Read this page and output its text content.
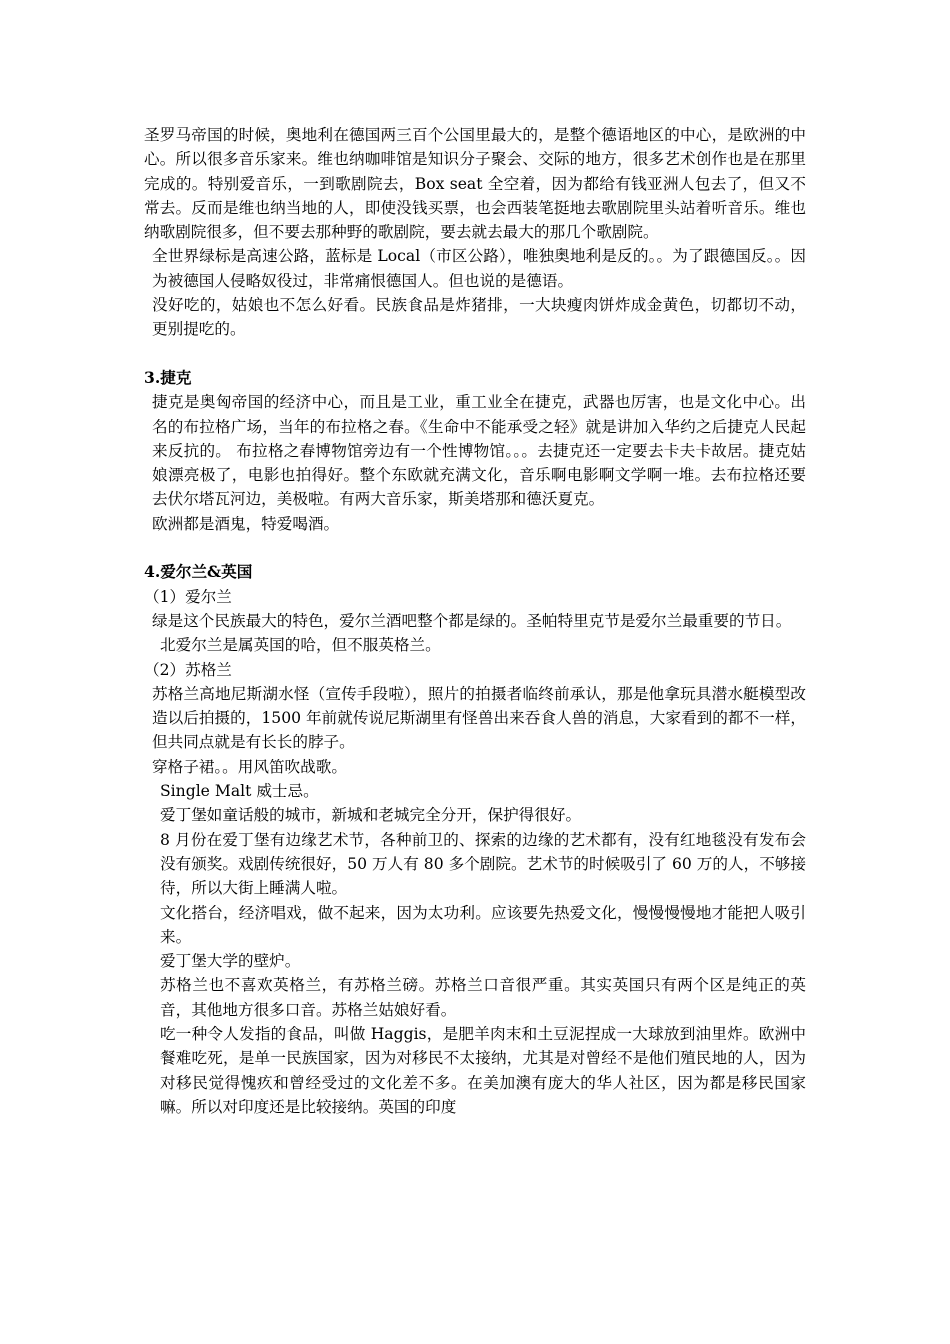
圣罗马帝国的时候，奥地利在德国两三百个公国里最大的，是整个德语地区的中心，是欧洲的中心。所以很多音乐家来。维也纳咖啡馆是知识分子聚会、交际的地方，很多艺术创作也是在那里完成的。特别爱音乐，一到歌剧院去，Box seat 全空着，因为都给有钱亚洲人包去了，但又不常去。反而是维也纳当地的人，即使没钱买票，也会西装笔挺地去歌剧院里头站着听音乐。维也纳歌剧院很多，但不要去那种野的歌剧院，要去就去最大的那几个歌剧院。
全世界绿标是高速公路，蓝标是 Local（市区公路），唯独奥地利是反的。。为了跟德国反。。因为被德国人侵略奴役过，非常痛恨德国人。但也说的是德语。
没好吃的，姑娘也不怎么好看。民族食品是炸猪排，一大块瘦肉饼炸成金黄色，切都切不动，更别提吃的。
3.捷克
捷克是奥匈帝国的经济中心，而且是工业，重工业全在捷克，武器也厉害，也是文化中心。出名的布拉格广场，当年的布拉格之春。《生命中不能承受之轻》就是讲加入华约之后捷克人民起来反抗的。 布拉格之春博物馆旁边有一个性博物馆。。。去捷克还一定要去卡夫卡故居。捷克姑娘漂亮极了，电影也拍得好。整个东欧就充满文化，音乐啊电影啊文学啊一堆。去布拉格还要去伏尔塔瓦河边，美极啦。有两大音乐家，斯美塔那和德沃夏克。
欧洲都是酒鬼，特爱喝酒。
4.爱尔兰&英国
（1）爱尔兰
绿是这个民族最大的特色，爱尔兰酒吧整个都是绿的。圣帕特里克节是爱尔兰最重要的节日。
北爱尔兰是属英国的哈，但不服英格兰。
（2）苏格兰
苏格兰高地尼斯湖水怪（宣传手段啦），照片的拍摄者临终前承认，那是他拿玩具潜水艇模型改造以后拍摄的，1500 年前就传说尼斯湖里有怪兽出来吞食人兽的消息，大家看到的都不一样，但共同点就是有长长的脖子。
穿格子裙。。用风笛吹战歌。
Single Malt 威士忌。
爱丁堡如童话般的城市，新城和老城完全分开，保护得很好。
8 月份在爱丁堡有边缘艺术节，各种前卫的、探索的边缘的艺术都有，没有红地毯没有发布会没有颁奖。戏剧传统很好，50 万人有 80 多个剧院。艺术节的时候吸引了 60 万的人，不够接待，所以大街上睡满人啦。
文化搭台，经济唱戏，做不起来，因为太功利。应该要先热爱文化，慢慢慢慢地才能把人吸引来。
爱丁堡大学的壁炉。
苏格兰也不喜欢英格兰，有苏格兰磅。苏格兰口音很严重。其实英国只有两个区是纯正的英音，其他地方很多口音。苏格兰姑娘好看。
吃一种令人发指的食品，叫做 Haggis，是肥羊肉末和土豆泥捏成一大球放到油里炸。欧洲中餐难吃死，是单一民族国家，因为对移民不太接纳，尤其是对曾经不是他们殖民地的人，因为对移民觉得愧疚和曾经受过的文化差不多。在美加澳有庞大的华人社区，因为都是移民国家嘛。所以对印度还是比较接纳。英国的印度
